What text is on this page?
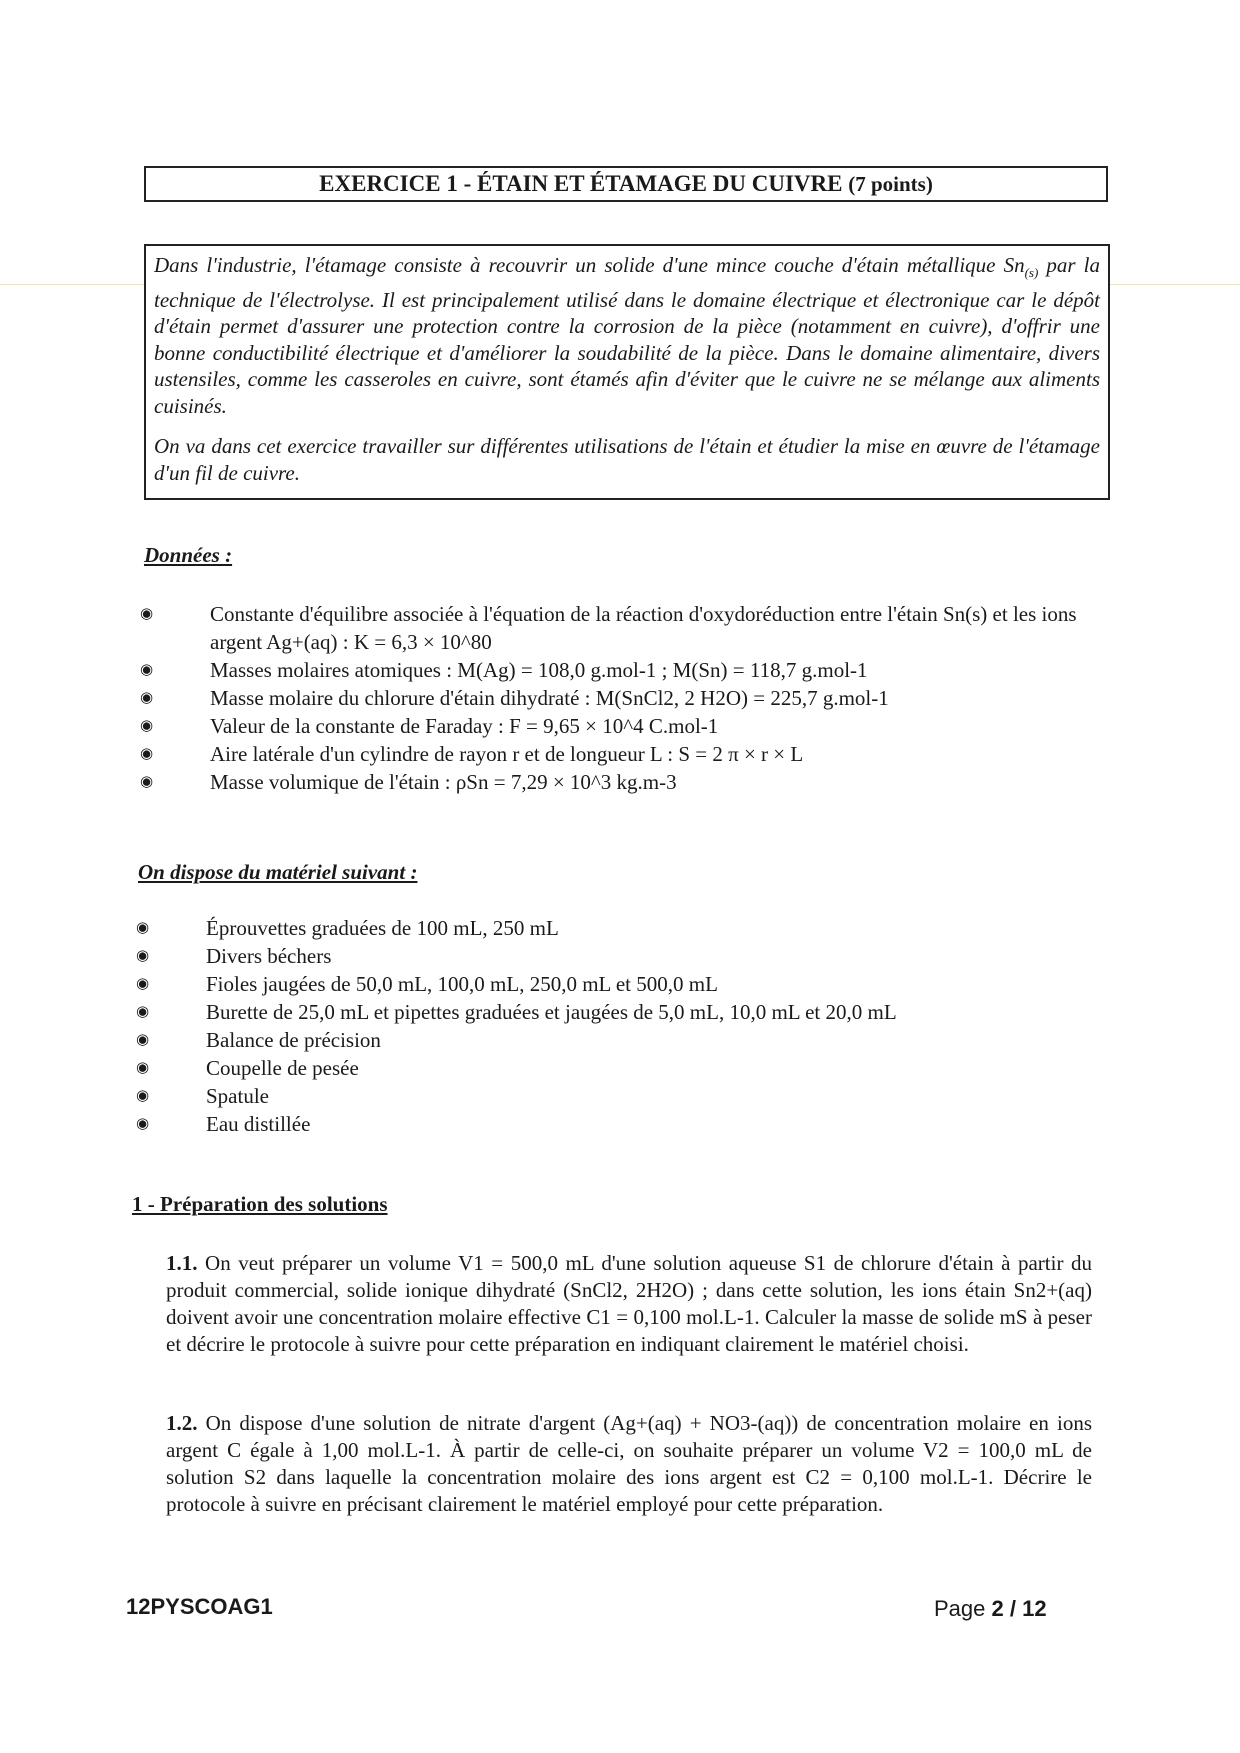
EXERCICE 1 - ÉTAIN ET ÉTAMAGE DU CUIVRE (7 points)

Dans l'industrie, l'étamage consiste à recouvrir un solide d'une mince couche d'étain métallique $Sn_{(s)}$ par la technique de l'électrolyse. Il est principalement utilisé dans le domaine électrique et électronique car le dépôt d'étain permet d'assurer une protection contre la corrosion de la pièce (notamment en cuivre), d'offrir une bonne conductibilité électrique et d'améliorer la soudabilité de la pièce. Dans le domaine alimentaire, divers ustensiles, comme les casseroles en cuivre, sont étamés afin d'éviter que le cuivre ne se mélange aux aliments cuisinés.

On va dans cet exercice travailler sur différentes utilisations de l'étain et étudier la mise en œuvre de l'étamage d'un fil de cuivre.

Données :
◉	Constante d'équilibre associée à l'équation de la réaction d'oxydoréduction entre l'étain Sn(s) et les ions argent Ag+(aq) : K = 6,3 × 10^80
◉	Masses molaires atomiques : M(Ag) = 108,0 g.mol-1 ; M(Sn) = 118,7 g.mol-1
◉	Masse molaire du chlorure d'étain dihydraté : M(SnCl2, 2 H2O) = 225,7 g.mol-1
◉	Valeur de la constante de Faraday : F = 9,65 × 10^4 C.mol-1
◉	Aire latérale d'un cylindre de rayon r et de longueur L : S = 2 π × r × L
◉	Masse volumique de l'étain : ρSn = 7,29 × 10^3 kg.m-3
On dispose du matériel suivant :
◉	Éprouvettes graduées de 100 mL, 250 mL
◉	Divers béchers
◉	Fioles jaugées de 50,0 mL, 100,0 mL, 250,0 mL et 500,0 mL
◉	Burette de 25,0 mL et pipettes graduées et jaugées de 5,0 mL, 10,0 mL et 20,0 mL
◉	Balance de précision
◉	Coupelle de pesée
◉	Spatule
◉	Eau distillée
1 - Préparation des solutions
1.1. On veut préparer un volume V1 = 500,0 mL d'une solution aqueuse S1 de chlorure d'étain à partir du produit commercial, solide ionique dihydraté (SnCl2, 2H2O) ; dans cette solution, les ions étain Sn2+(aq) doivent avoir une concentration molaire effective C1 = 0,100 mol.L-1. Calculer la masse de solide mS à peser et décrire le protocole à suivre pour cette préparation en indiquant clairement le matériel choisi.
1.2. On dispose d'une solution de nitrate d'argent (Ag+(aq) + NO3-(aq)) de concentration molaire en ions argent C égale à 1,00 mol.L-1. À partir de celle-ci, on souhaite préparer un volume V2 = 100,0 mL de solution S2 dans laquelle la concentration molaire des ions argent est C2 = 0,100 mol.L-1. Décrire le protocole à suivre en précisant clairement le matériel employé pour cette préparation.
12PYSCOAG1	Page 2 / 12
